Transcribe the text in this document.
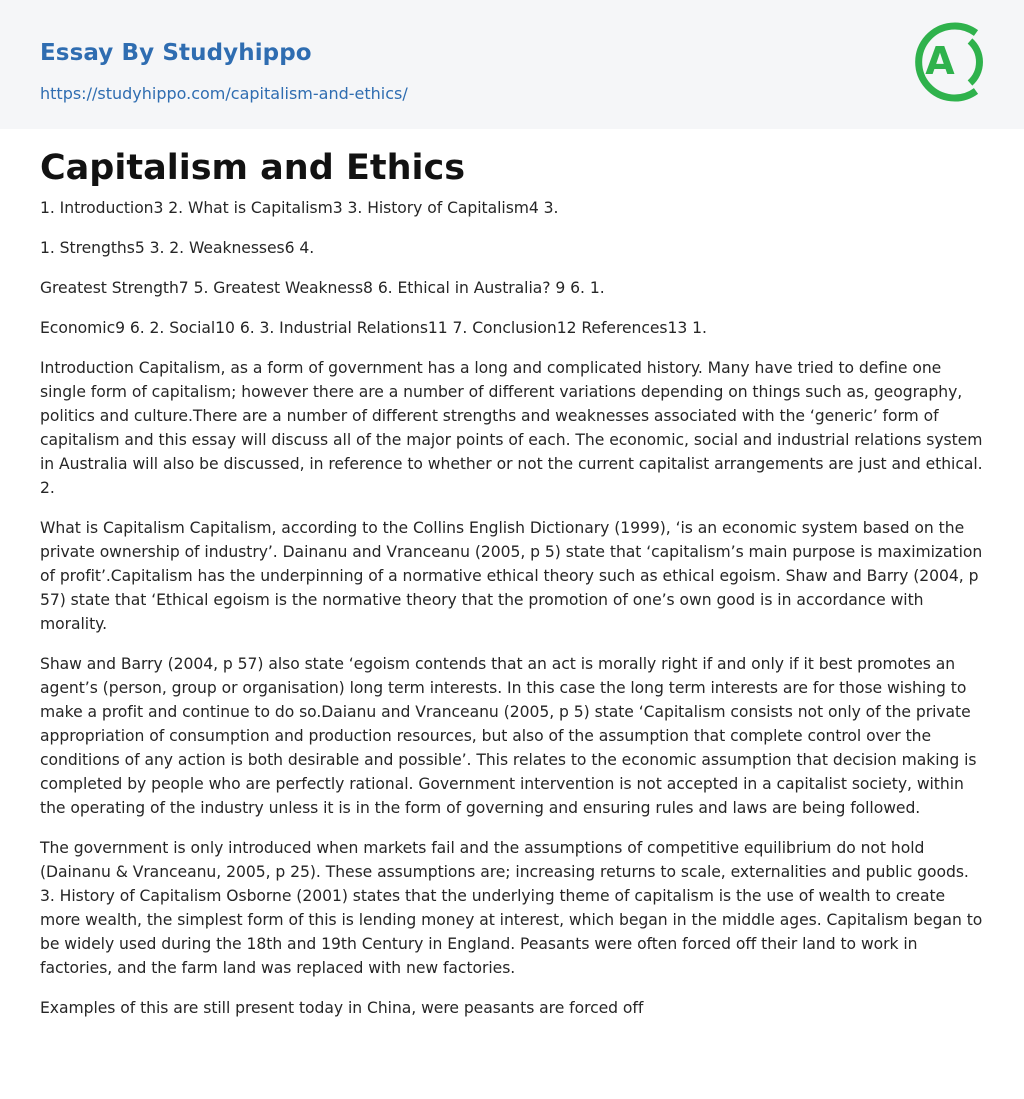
Essay By Studyhippo
https://studyhippo.com/capitalism-and-ethics/
A
Capitalism and Ethics

1. Introduction3 2. What is Capitalism3 3. History of Capitalism4 3.

1. Strengths5 3. 2. Weaknesses6 4.

Greatest Strength7 5. Greatest Weakness8 6. Ethical in Australia? 9 6. 1.

Economic9 6. 2. Social10 6. 3. Industrial Relations11 7. Conclusion12 References13 1.

Introduction Capitalism, as a form of government has a long and complicated history. Many have tried to define one single form of capitalism; however there are a number of different variations depending on things such as, geography, politics and culture.There are a number of different strengths and weaknesses associated with the ‘generic’ form of capitalism and this essay will discuss all of the major points of each. The economic, social and industrial relations system in Australia will also be discussed, in reference to whether or not the current capitalist arrangements are just and ethical. 2.

What is Capitalism Capitalism, according to the Collins English Dictionary (1999), ‘is an economic system based on the private ownership of industry’. Dainanu and Vranceanu (2005, p 5) state that ‘capitalism’s main purpose is maximization of profit’.Capitalism has the underpinning of a normative ethical theory such as ethical egoism. Shaw and Barry (2004, p 57) state that ‘Ethical egoism is the normative theory that the promotion of one’s own good is in accordance with morality.

Shaw and Barry (2004, p 57) also state ‘egoism contends that an act is morally right if and only if it best promotes an agent’s (person, group or organisation) long term interests. In this case the long term interests are for those wishing to make a profit and continue to do so.Daianu and Vranceanu (2005, p 5) state ‘Capitalism consists not only of the private appropriation of consumption and production resources, but also of the assumption that complete control over the conditions of any action is both desirable and possible’. This relates to the economic assumption that decision making is completed by people who are perfectly rational. Government intervention is not accepted in a capitalist society, within the operating of the industry unless it is in the form of governing and ensuring rules and laws are being followed.

The government is only introduced when markets fail and the assumptions of competitive equilibrium do not hold (Dainanu & Vranceanu, 2005, p 25). These assumptions are; increasing returns to scale, externalities and public goods. 3. History of Capitalism Osborne (2001) states that the underlying theme of capitalism is the use of wealth to create more wealth, the simplest form of this is lending money at interest, which began in the middle ages. Capitalism began to be widely used during the 18th and 19th Century in England. Peasants were often forced off their land to work in factories, and the farm land was replaced with new factories.

Examples of this are still present today in China, were peasants are forced off
